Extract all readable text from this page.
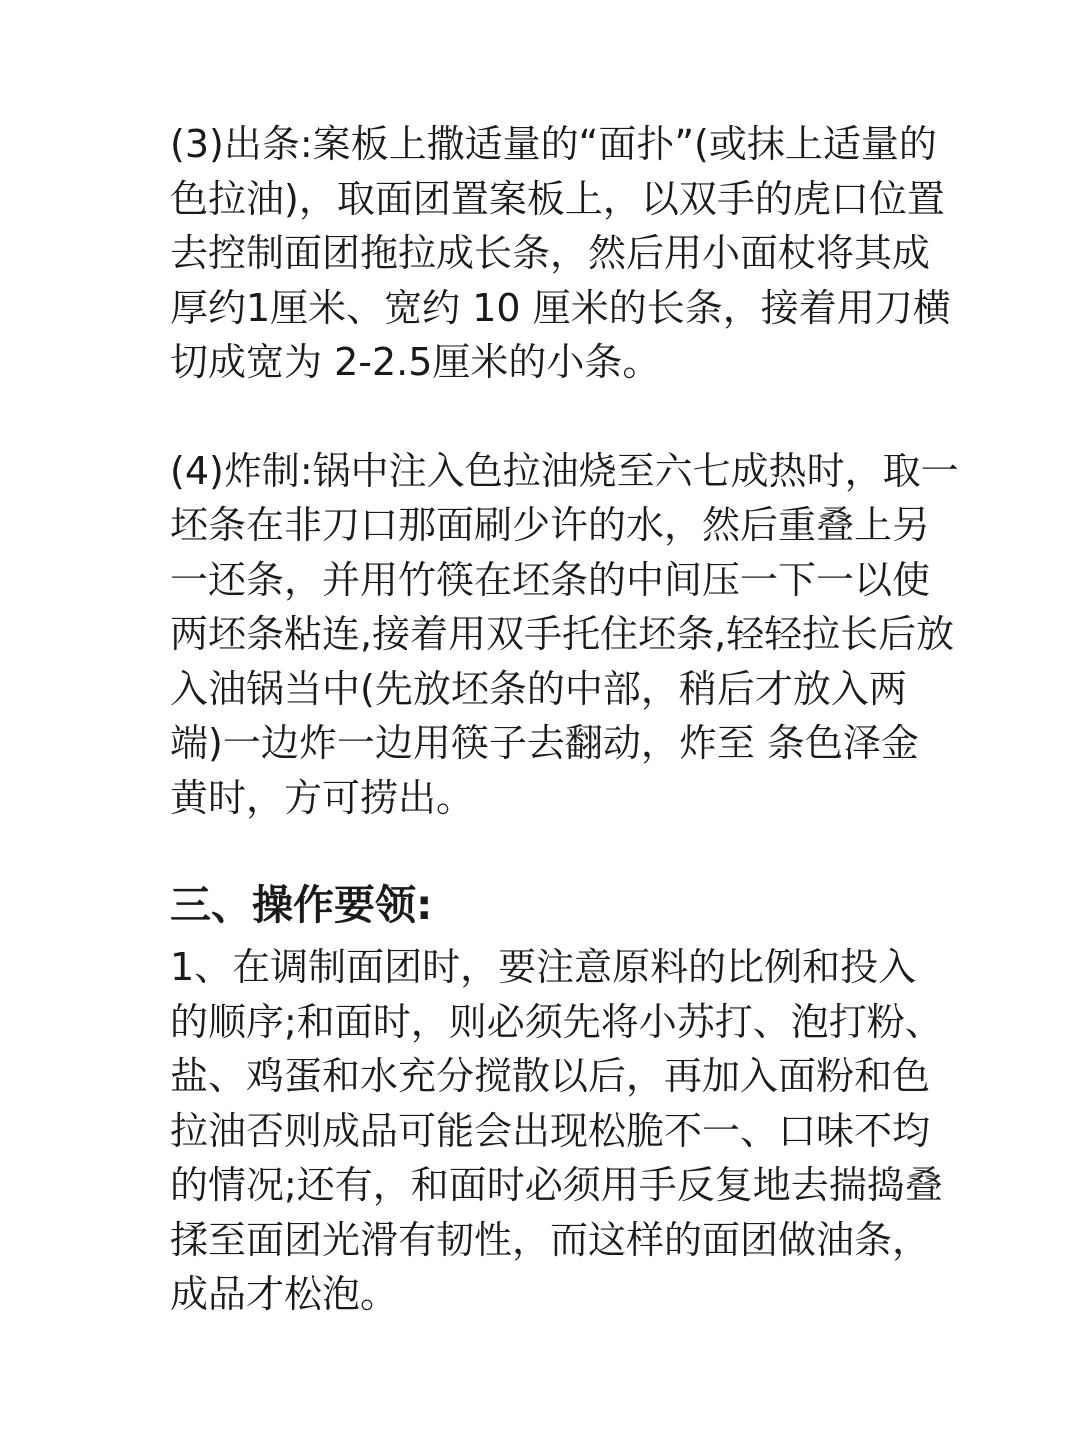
(3)出条:案板上撒适量的“面扑”(或抹上适量的
色拉油)，取面团置案板上，以双手的虎口位置
去控制面团拖拉成长条，然后用小面杖将其成
厚约1厘米、宽约 10 厘米的长条，接着用刀横
切成宽为 2-2.5厘米的小条。
(4)炸制:锅中注入色拉油烧至六七成热时，取一
坯条在非刀口那面刷少许的水，然后重叠上另
一还条，并用竹筷在坯条的中间压一下一以使
两坯条粘连,接着用双手托住坯条,轻轻拉长后放
入油锅当中(先放坯条的中部，稍后才放入两
端)一边炸一边用筷子去翻动，炸至 条色泽金
黄时，方可捞出。
三、操作要领:
1、在调制面团时，要注意原料的比例和投入
的顺序;和面时，则必须先将小苏打、泡打粉、
盐、鸡蛋和水充分搅散以后，再加入面粉和色
拉油否则成品可能会出现松脆不一、口味不均
的情况;还有，和面时必须用手反复地去揣捣叠
揉至面团光滑有韧性，而这样的面团做油条，
成品才松泡。
